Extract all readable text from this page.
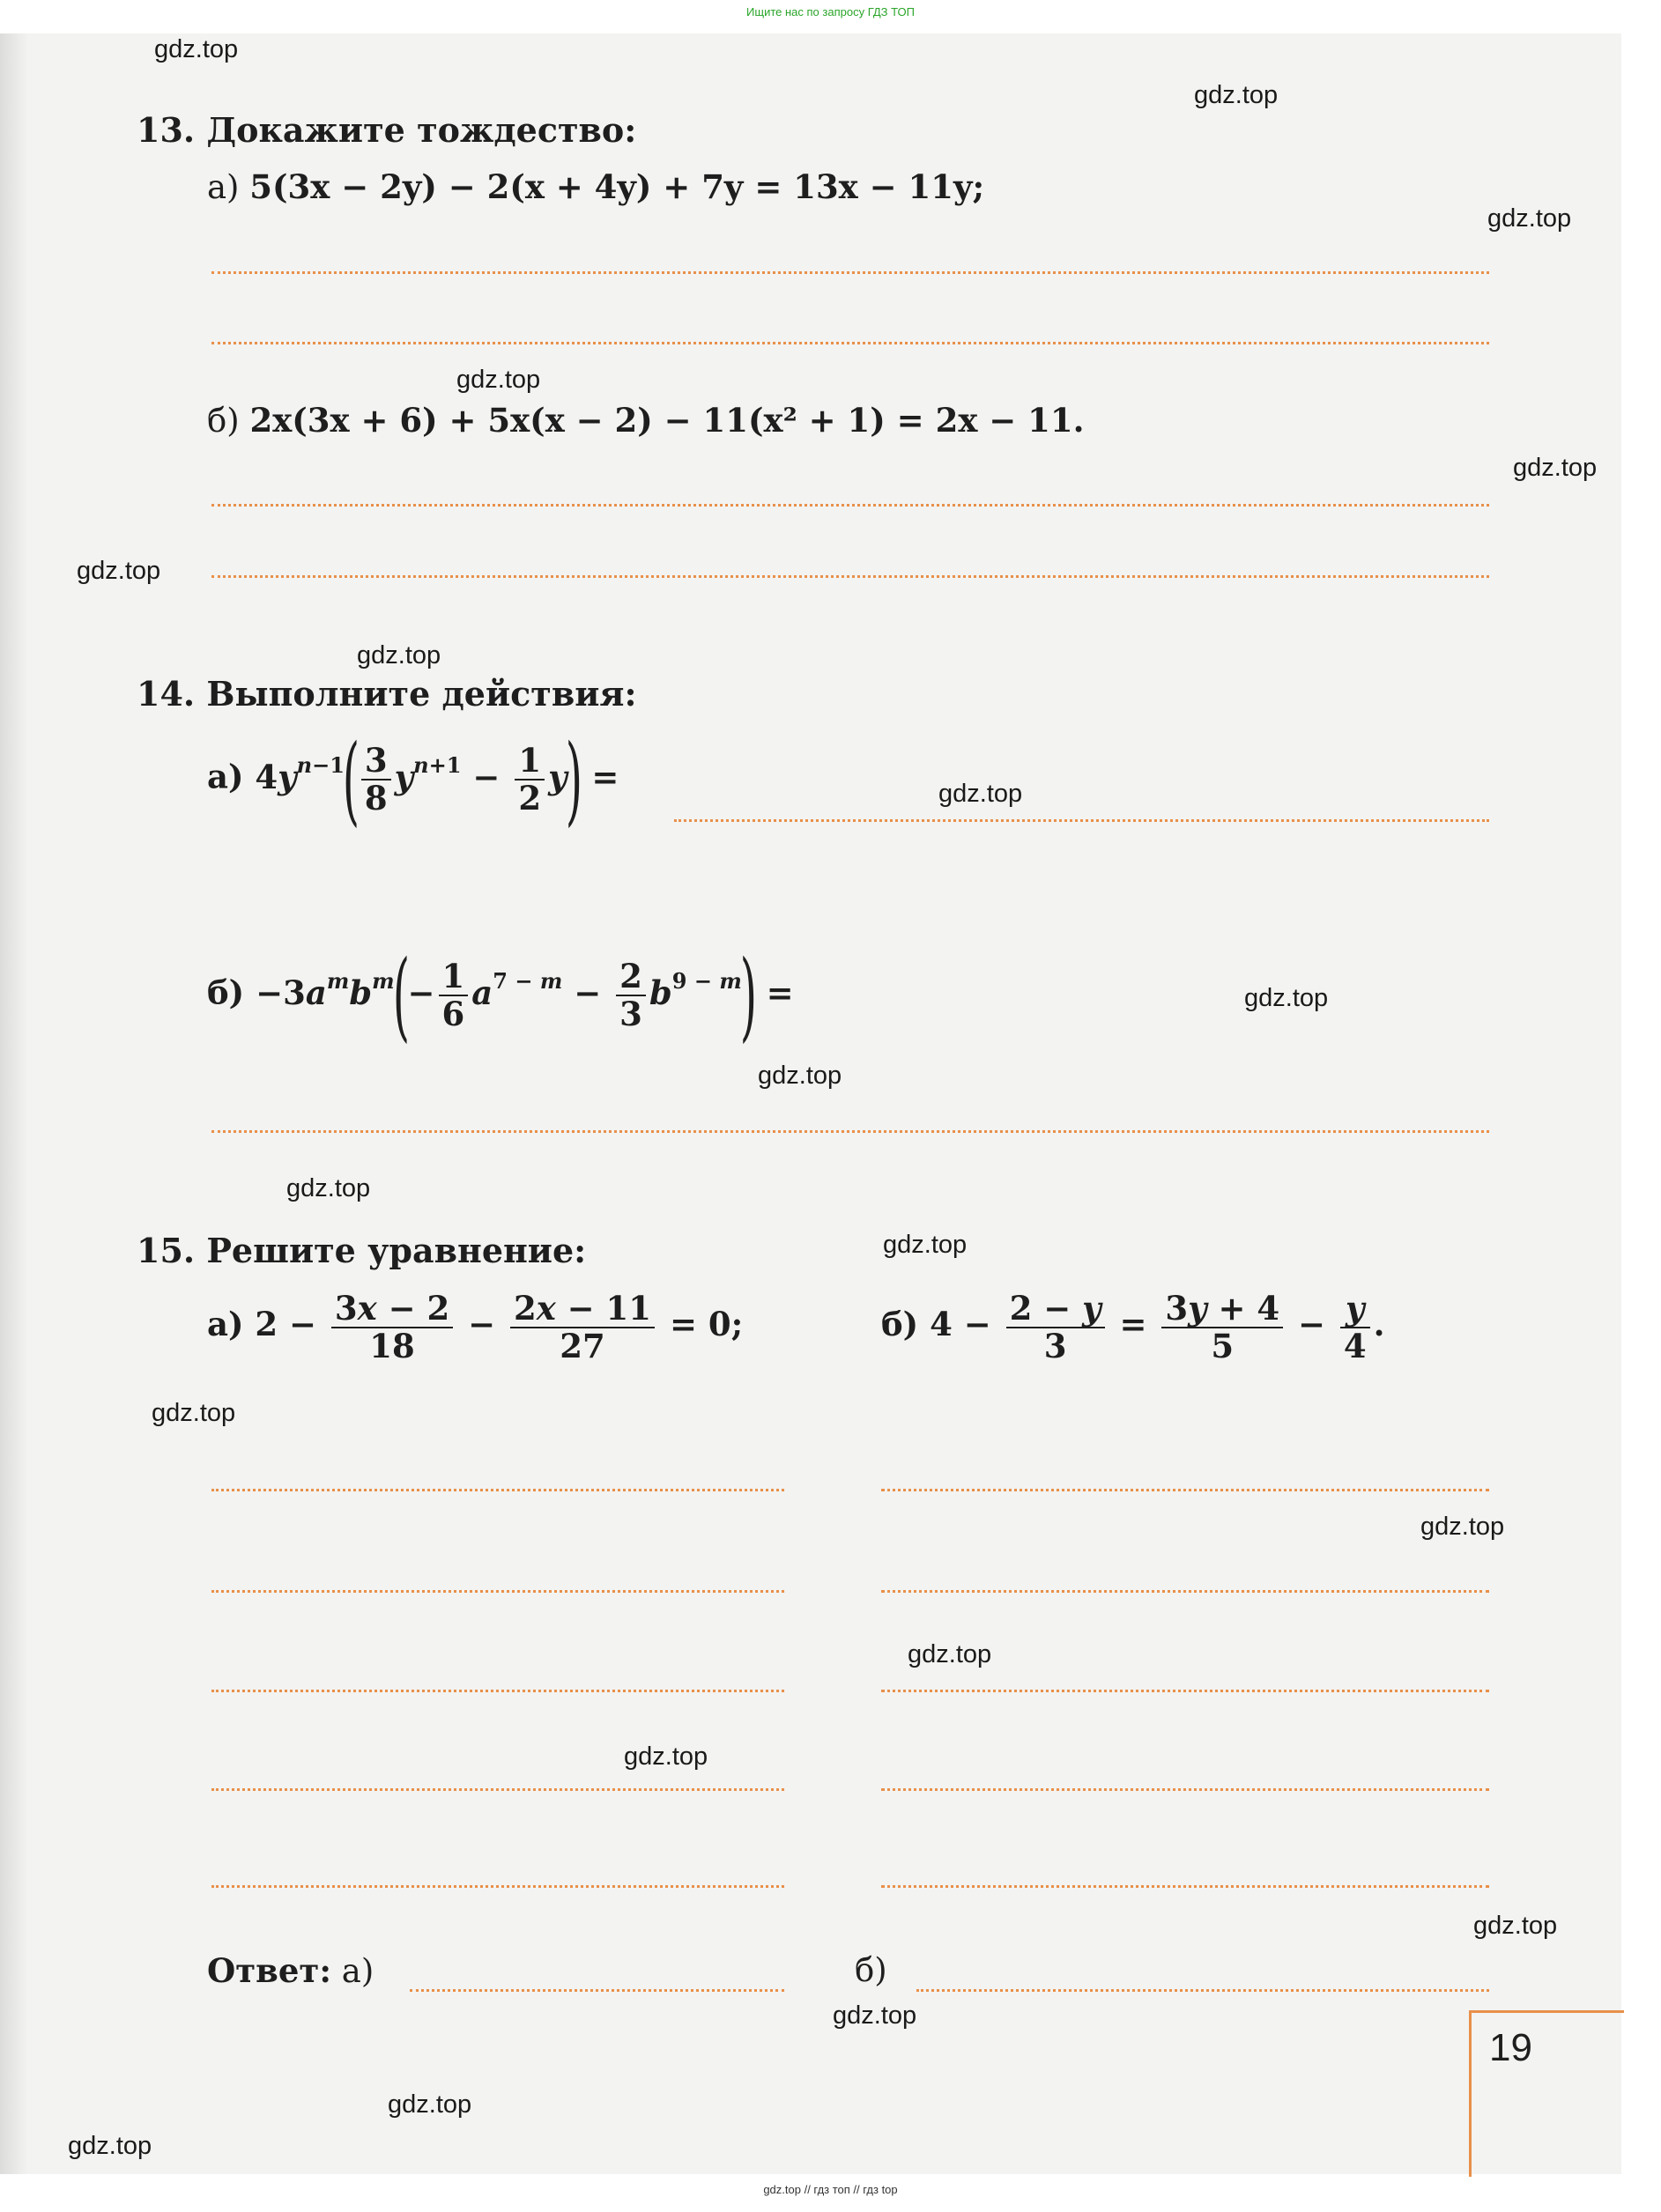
Ищите нас по запросу ГДЗ ТОП
13. Докажите тождество:
а) 5(3x − 2y) − 2(x + 4y) + 7y = 13x − 11y;
б) 2x(3x + 6) + 5x(x − 2) − 11(x² + 1) = 2x − 11.
14. Выполните действия:
а) $4y^{n-1}( \frac{3}{8} y^{n+1} - \frac{1}{2} y)$ =
$б) -3a^mb^m(- \frac{1}{6} a^{7 - m} - \frac{2}{3} b^{9 - m})$ =
15. Решите уравнение:
а) $2 - \frac{3x - 2}{18} - \frac{2x - 11}{27} = 0$;	б) $4 - \frac{2 - y}{3} = \frac{3y + 4}{5} - \frac{y}{4}$ .
Ответ: а)	б)
19
gdz.top
gdz.top
gdz.top
gdz.top
gdz.top
gdz.top
gdz.top
gdz.top
gdz.top
gdz.top
gdz.top
gdz.top
gdz.top
gdz.top
gdz.top
gdz.top
gdz.top
gdz.top
gdz.top
gdz.top
gdz.top // гдз топ // гдз top
